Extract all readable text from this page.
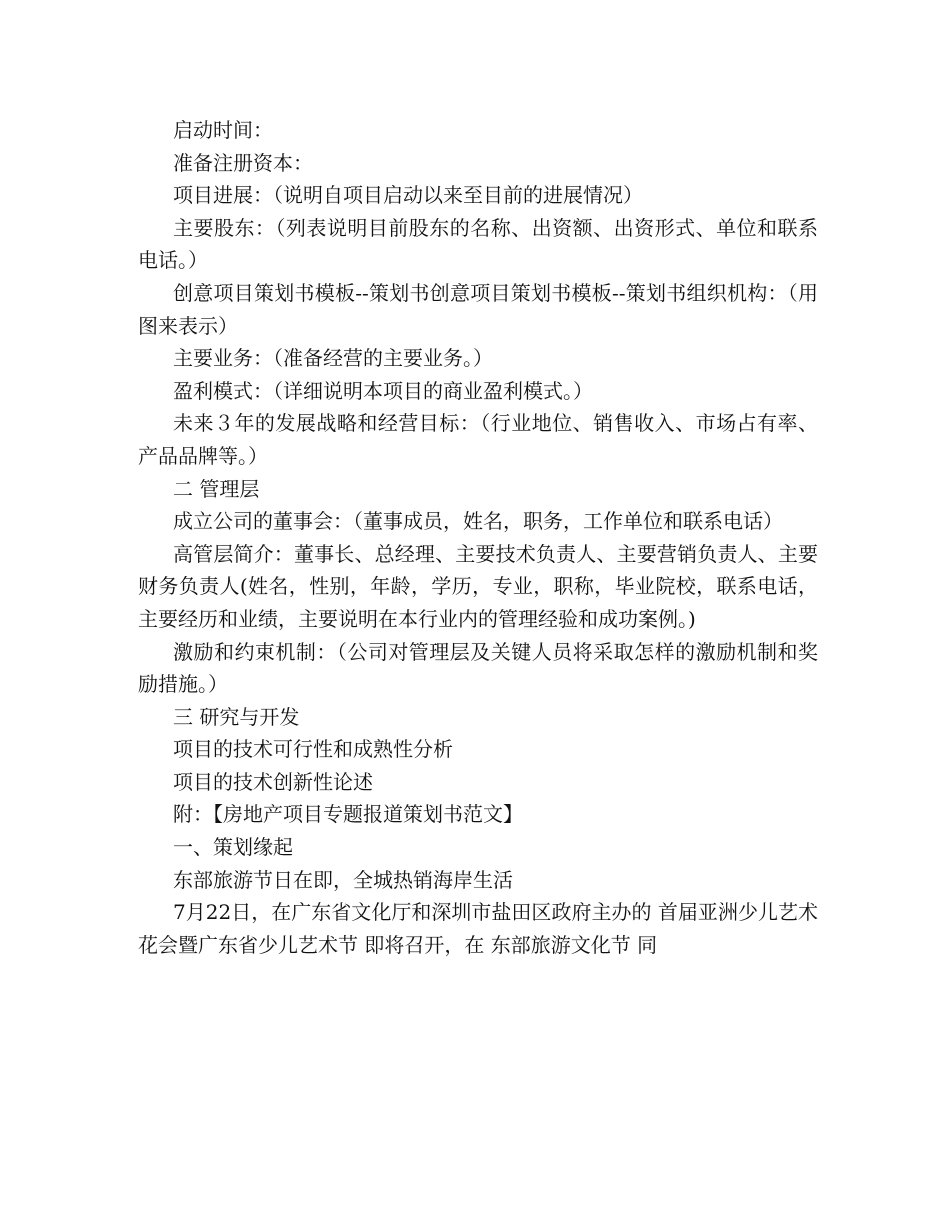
启动时间：

准备注册资本：

项目进展：（说明自项目启动以来至目前的进展情况）

主要股东：（列表说明目前股东的名称、出资额、出资形式、单位和联系电话。）

创意项目策划书模板--策划书创意项目策划书模板--策划书组织机构：（用图来表示）

主要业务：（准备经营的主要业务。）

盈利模式：（详细说明本项目的商业盈利模式。）

未来３年的发展战略和经营目标：（行业地位、销售收入、市场占有率、产品品牌等。）

二 管理层

成立公司的董事会：（董事成员，姓名，职务，工作单位和联系电话）

高管层简介：董事长、总经理、主要技术负责人、主要营销负责人、主要财务负责人(姓名，性别，年龄，学历，专业，职称，毕业院校，联系电话，主要经历和业绩，主要说明在本行业内的管理经验和成功案例。)

激励和约束机制：（公司对管理层及关键人员将采取怎样的激励机制和奖励措施。）

三 研究与开发

项目的技术可行性和成熟性分析

项目的技术创新性论述

附：【房地产项目专题报道策划书范文】

一、策划缘起

东部旅游节日在即，全城热销海岸生活

7月22日，在广东省文化厅和深圳市盐田区政府主办的 首届亚洲少儿艺术花会暨广东省少儿艺术节 即将召开，在 东部旅游文化节 同
